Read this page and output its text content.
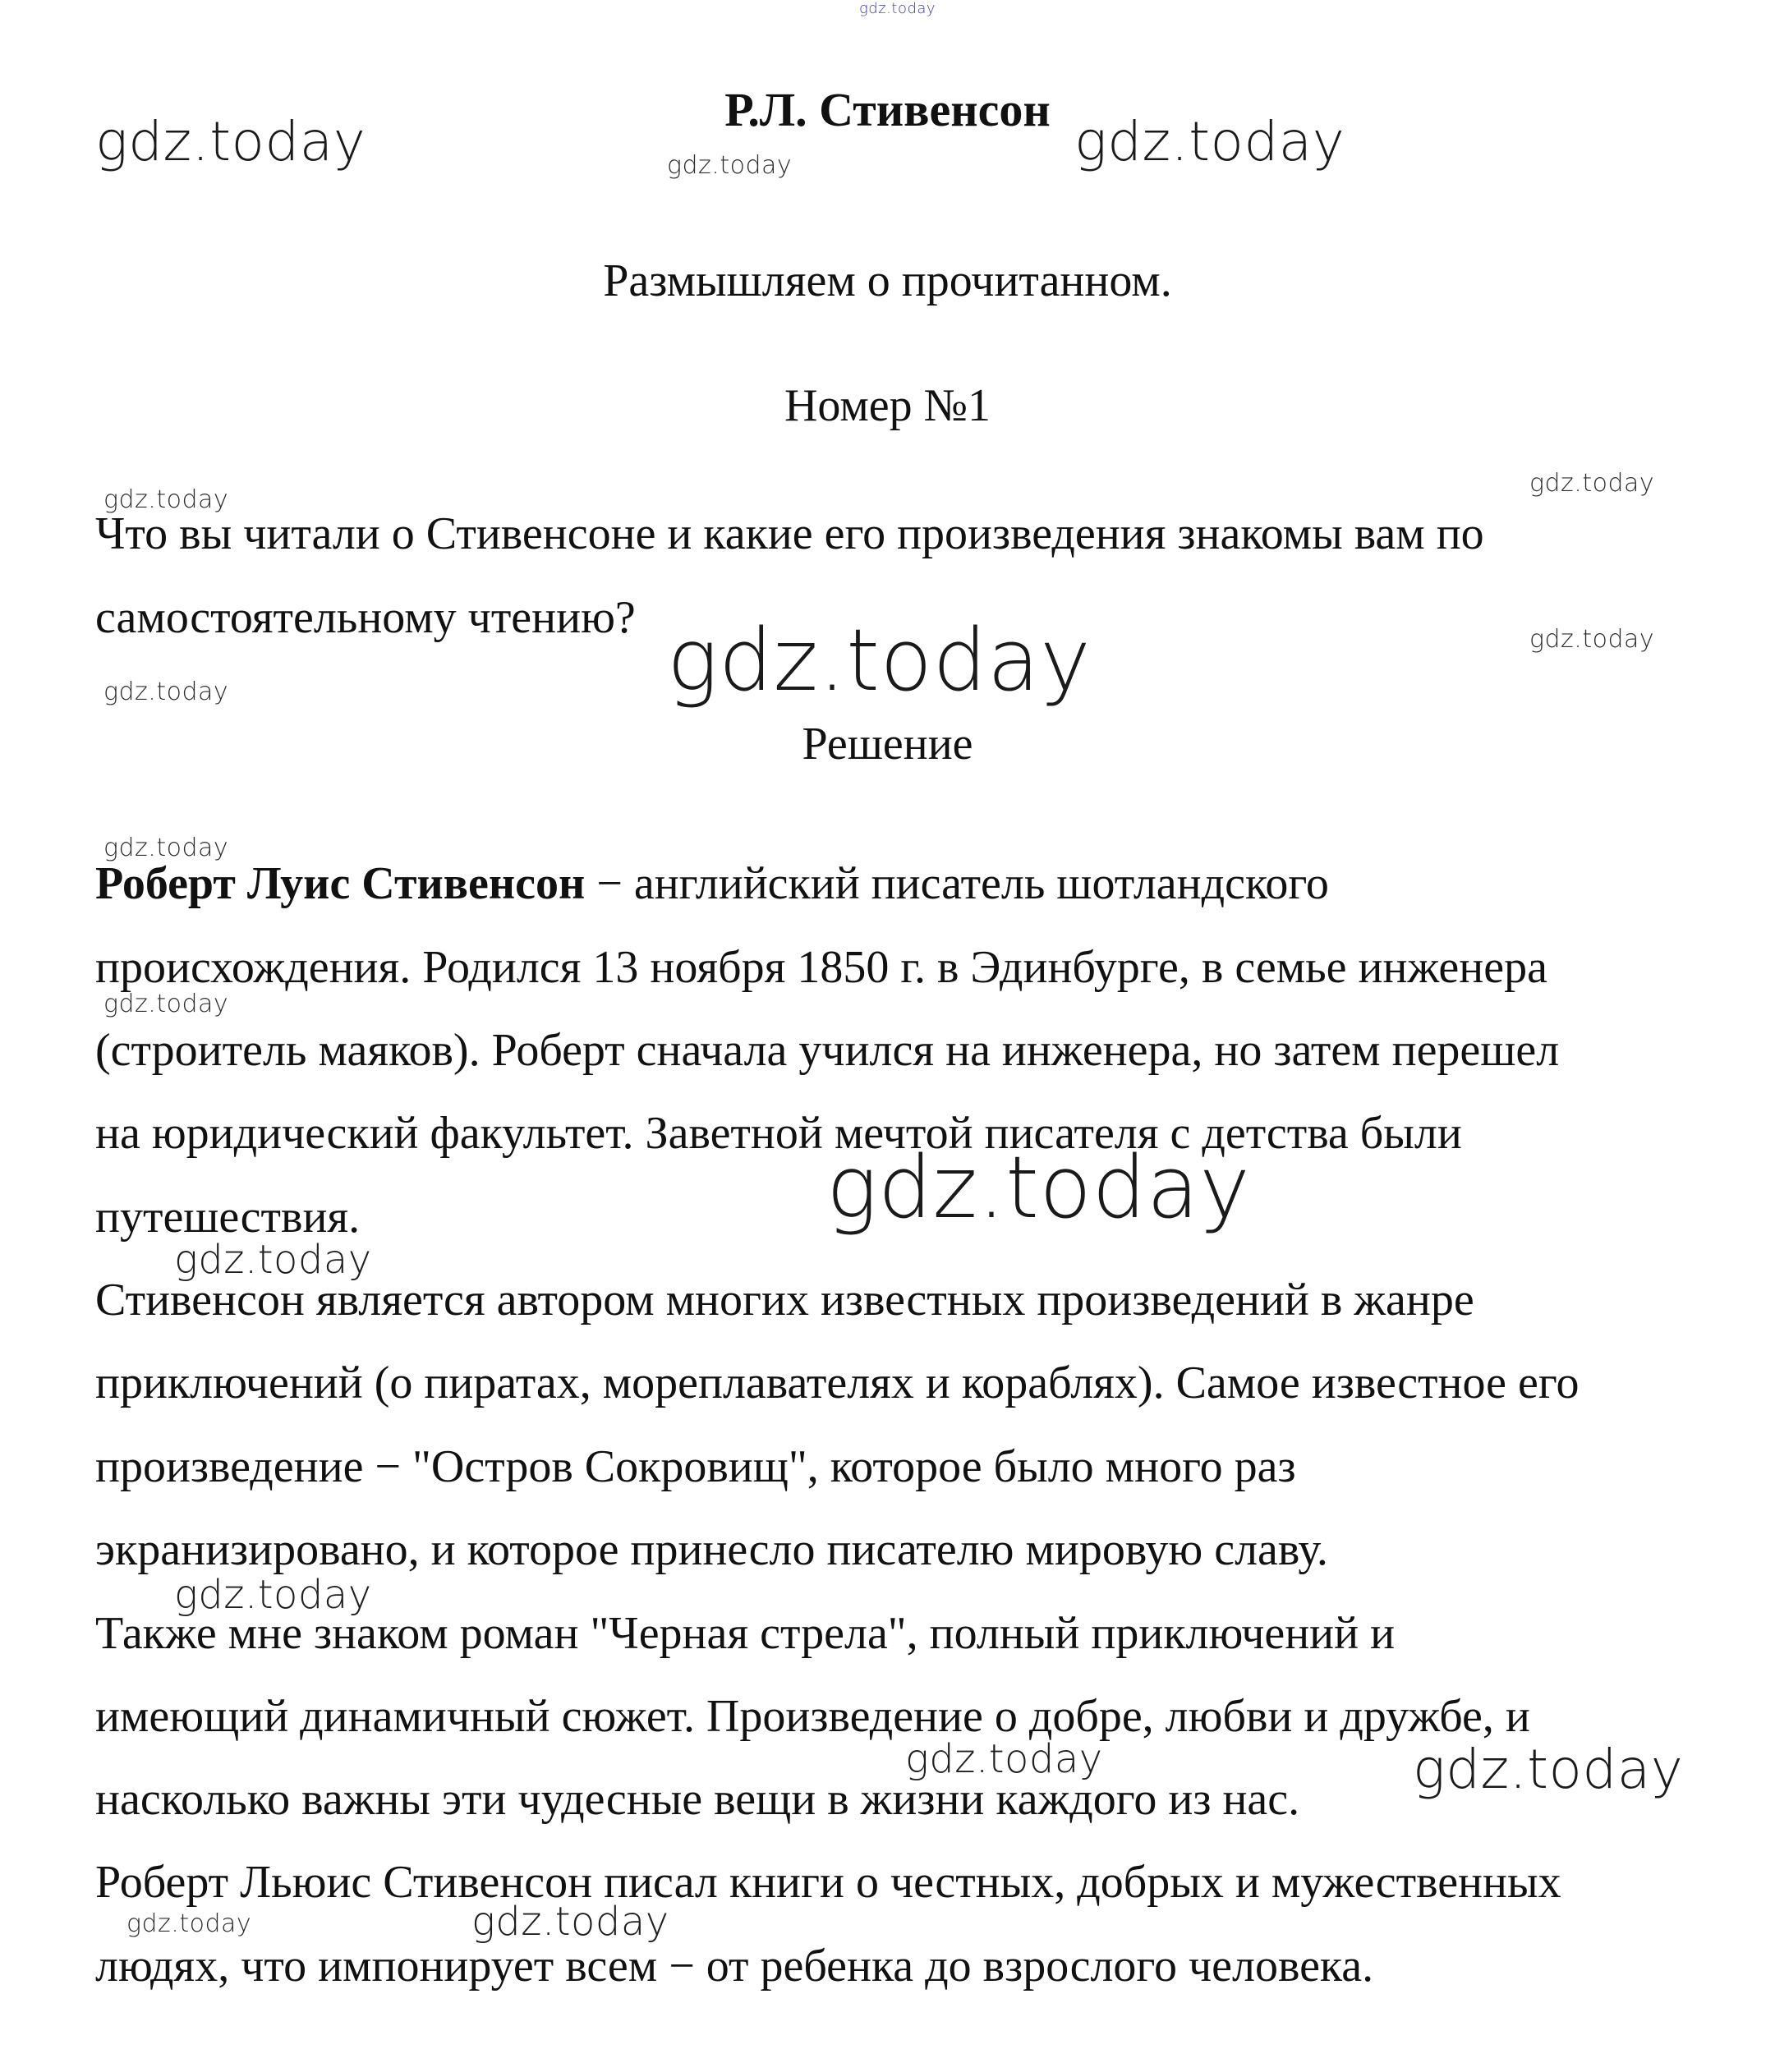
Р.Л. Стивенсон
Размышляем о прочитанном.
Номер №1
Что вы читали о Стивенсоне и какие его произведения знакомы вам по
самостоятельному чтению?
Решение
Роберт Луис Стивенсон − английский писатель шотландского
происхождения. Родился 13 ноября 1850 г. в Эдинбурге, в семье инженера
(строитель маяков). Роберт сначала учился на инженера, но затем перешел
на юридический факультет. Заветной мечтой писателя с детства были
путешествия.
Стивенсон является автором многих известных произведений в жанре
приключений (о пиратах, мореплавателях и кораблях). Самое известное его
произведение − "Остров Сокровищ", которое было много раз
экранизировано, и которое принесло писателю мировую славу.
Также мне знаком роман "Черная стрела", полный приключений и
имеющий динамичный сюжет. Произведение о добре, любви и дружбе, и
насколько важны эти чудесные вещи в жизни каждого из нас.
Роберт Льюис Стивенсон писал книги о честных, добрых и мужественных
людях, что импонирует всем − от ребенка до взрослого человека.
gdz.today
gdz.today	gdz.today	gdz.today
gdz.today
gdz.today
gdz.today
gdz.today
gdz.today
gdz.today
gdz.today
gdz.today
gdz.today
gdz.today
gdz.today	gdz.today
gdz.today	gdz.today
